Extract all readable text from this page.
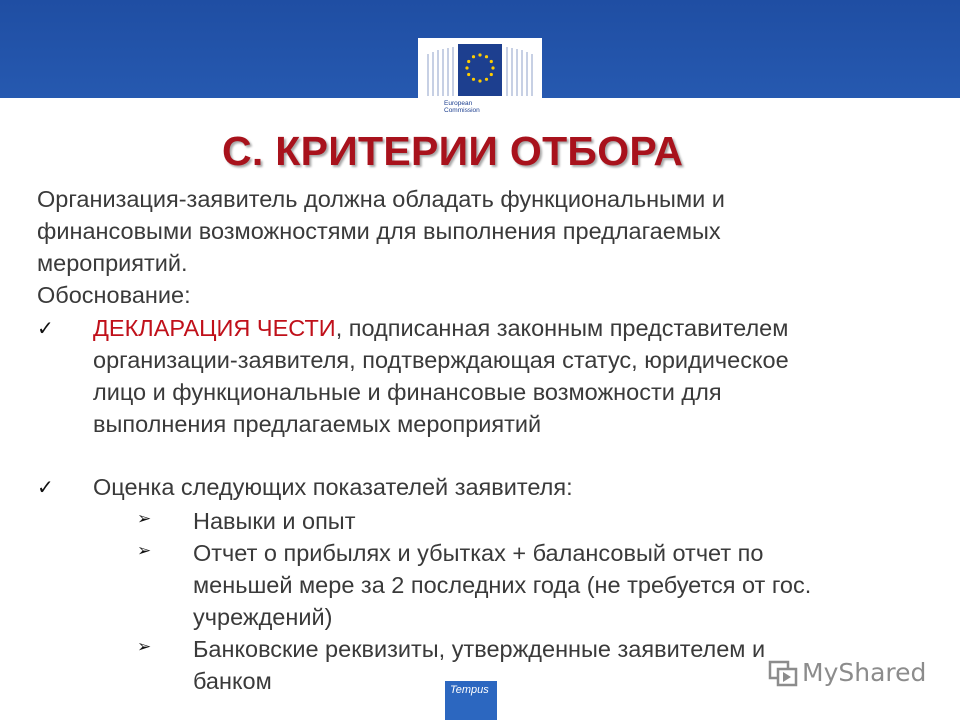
European
Commission
С. КРИТЕРИИ ОТБОРА
Организация-заявитель должна обладать функциональными и
финансовыми возможностями для выполнения предлагаемых
мероприятий.
Обоснование:
✓ ДЕКЛАРАЦИЯ ЧЕСТИ, подписанная законным представителем
организации-заявителя, подтверждающая статус, юридическое
лицо и функциональные и финансовые возможности для
выполнения предлагаемых мероприятий
✓ Оценка следующих показателей заявителя:
➢ Навыки и опыт
➢ Отчет о прибылях и убытках + балансовый отчет по
меньшей мере за 2 последних года (не требуется от гос.
учреждений)
➢ Банковские реквизиты, утвержденные заявителем и
банком	Tempus
MyShared
